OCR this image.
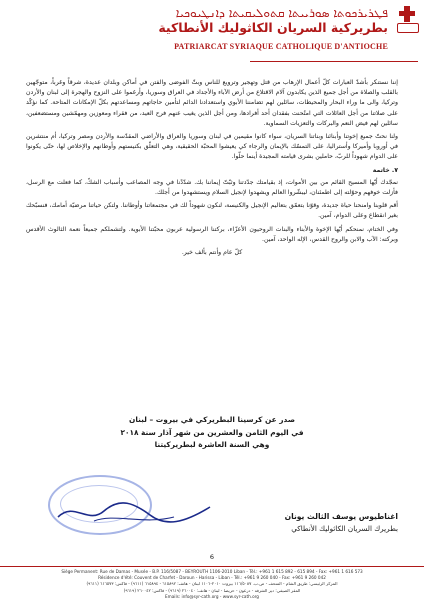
ܦܛܪܝܪܟܘܬܐ ܣܘܪܝܝܬܐ ܩܬܘܠܝܩܝܬܐ ܕܐܢܛܝܘܟܝܐ
بطريركية السريان الكاثوليك الأنطاكية
PATRIARCAT SYRIAQUE CATHOLIQUE D'ANTIOCHE

إننا نستنكر بأشدّ العبارات كلّ أعمال الإرهاب من قتل وتهجير وترويع للناس وبثّ الفوضى والفتن في أماكن وبلدان عديدة، شرقاً وغرباً، متوجّهين بالقلب والصلاة من أجل جميع الذين يكابدون آلام الاقتلاع من أرض الآباء والأجداد في العراق وسوريا، وأرغموا على النزوح والهجرة إلى لبنان والأردن وتركيا، والى ما وراء البحار والمحيطات، سائلين لهم تضامننا الأبوي واستعدادنا الدائم لتأمين حاجاتهم ومساعدتهم بكلّ الإمكانات المتاحة. كما نؤكّد على صلاتنا من أجل العائلات التي امتُحنت بفقدان أحد أفرادها، ومن أجل الذين يغيب عنهم فرح العيد، من فقراء ومعوزين ومهمّشين ومستضعفين، سائلين لهم فيض النعم والبركات والتعزيات السماوية.

ولنا نحتّ جميع إخوتنا وأبنائنا وبناتنا السريان، سواء كانوا مقيمين في لبنان وسوريا والعراق والأراضي المقدّسة والأردن ومصر وتركيا، أم منتشرين في أوروبا وأميركا وأستراليا، على التمسّك بالإيمان والرجاء كي يعيشوا المحبّة الحقيقية، وهي التعلّق بكنيستهم وأوطانهم والإخلاص لها، حتّى يكونوا على الدوام شهوداً للربّ، حاملين بشرى قيامته المجيدة أينما حلّوا.

٧. خاتمة

نمجّدك أيّها المسيح القائم من بين الأموات، إذ بقيامتك جدّدتنا وثبّتّ إيماننا بك. شدّدْنا في وجه المصاعب وأسباب الشكّ، كما فعلت مع الرسل، فأزلت خوفهم وحوّلته إلى اطمئنان، ليبشّروا العالم ويشهدوا لإنجيل السلام ويستشهدوا من أجلك.

أقم قلوبنا وامنحنا حياة جديدة، وقوّنا بتعمّق بتعاليم الإنجيل والكنيسة، لنكون شهوداً لك في مجتمعاتنا وأوطاننا. ولتكن حياتنا مرضيّة أمامك، فنسبّحك بغير انقطاع وعلى الدوام، آمين.

وفي الختام، نمنحكم أيّها الإخوة والأبناء والبنات الروحيون الأعزّاء، بركتنا الرسولية عربون محبّتنا الأبوية. ولتشملكم جميعاً نعمة الثالوث الأقدس وبركته: الآب والابن والروح القدس، الإله الواحد، آمين.

كلّ عام وأنتم بألف خير.

صدر عن كرسينا البطريركي في بيروت – لبنان
في اليوم الثامن والعشرين من شهر آذار سنة ٢٠١٨
وهي السنة العاشرة لبطريركيتنا
اغناطيوس يوسف الثالث يونان
بطريرك السريان الكاثوليك الأنطاكي
6
Siège Permanent: Rue de Damas - Musée - B.P. 116/5087 - BEYROUTH 1106-2010 Liban - Tél.: +961 1 615 892 - 615 894 - Fax: +961 1 616 573
Résidence d'été: Couvent de Charfet - Daroun - Harissa - Liban - Tél.: +961 9 260 040 - Fax: +961 9 260 042
المركز الرئيسي: طريق الشام - المتحف - ص.ب. ١١٦/٥٠٨٧ بيروت ٢٠١٠-١١٠٦ لبنان - هاتف: ٦١٥٨٩٢ - ٦١٥٨٩٤ (٩٦١١) - فاكس: ٦١٦٥٧٣ (٩٦١١)
المقر الصيفي: دير الشرفة - درعون - حريصا - لبنان - هاتف: ٢٦٠٠٤٠ (٩٦١٩) - فاكس: ٢٦٠٠٤٢ (٩٦١٩)
Emails: info@syr-cath.org - www.syr-cath.org
